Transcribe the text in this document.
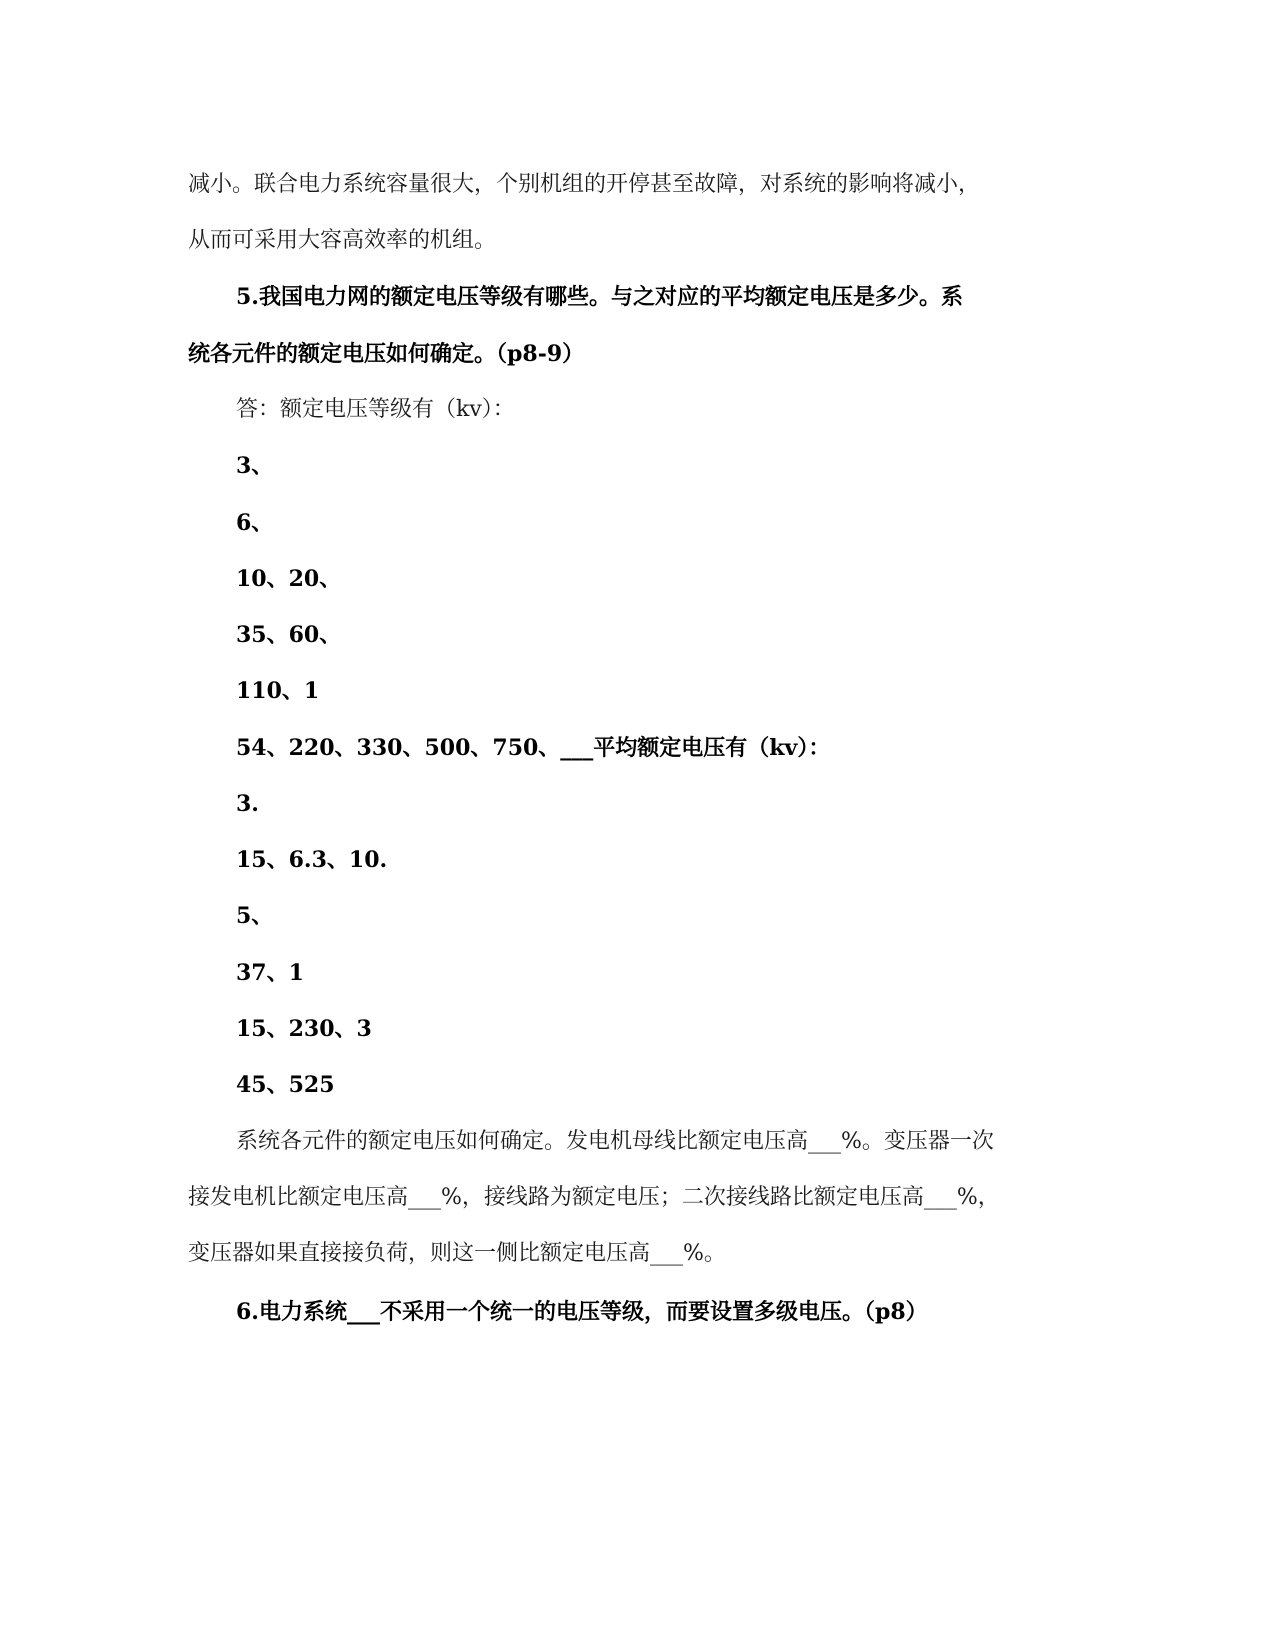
减小。联合电力系统容量很大，个别机组的开停甚至故障，对系统的影响将减小，
从而可采用大容高效率的机组。
5.我国电力网的额定电压等级有哪些。与之对应的平均额定电压是多少。系
统各元件的额定电压如何确定。（p8-9）
答：额定电压等级有（kv）：
3、
6、
10、20、
35、60、
110、1
54、220、330、500、750、___平均额定电压有（kv）：
3.
15、6.3、10.
5、
37、1
15、230、3
45、525
系统各元件的额定电压如何确定。发电机母线比额定电压高___%。变压器一次
接发电机比额定电压高___%，接线路为额定电压；二次接线路比额定电压高___%，
变压器如果直接接负荷，则这一侧比额定电压高___%。
6.电力系统___不采用一个统一的电压等级，而要设置多级电压。（p8）
